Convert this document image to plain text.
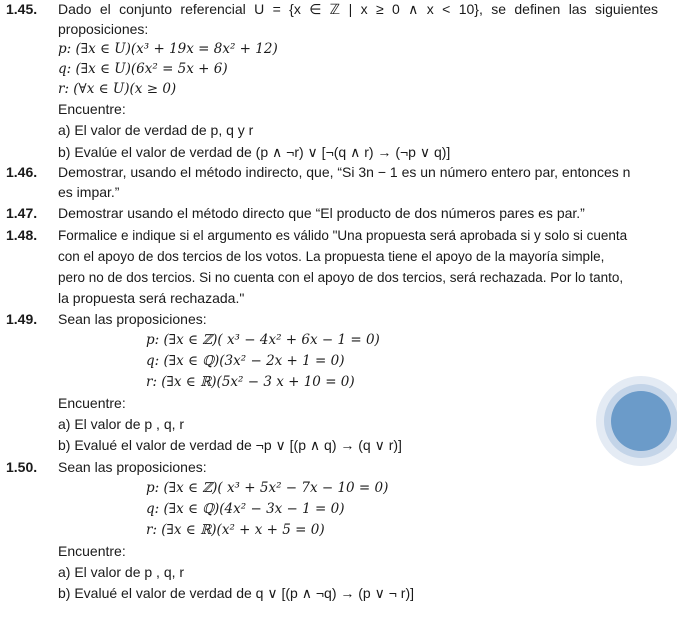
1.45. Dado el conjunto referencial U = {x ∈ ℤ | x ≥ 0 ∧ x < 10}, se definen las siguientes
proposiciones:
p: (∃x ∈ U)(x³ + 19x = 8x² + 12)
q: (∃x ∈ U)(6x² = 5x + 6)
r: (∀x ∈ U)(x ≥ 0)
Encuentre:
a) El valor de verdad de p, q y r
b) Evalúe el valor de verdad de (p ∧ ¬r) ∨ [¬(q ∧ r) → (¬p ∨ q)]
1.46. Demostrar, usando el método indirecto, que, “Si 3n − 1 es un número entero par, entonces n
es impar.”
1.47. Demostrar usando el método directo que “El producto de dos números pares es par.”
1.48. Formalice e indique si el argumento es válido "Una propuesta será aprobada si y solo si cuenta
con el apoyo de dos tercios de los votos. La propuesta tiene el apoyo de la mayoría simple,
pero no de dos tercios. Si no cuenta con el apoyo de dos tercios, será rechazada. Por lo tanto,
la propuesta será rechazada."
1.49. Sean las proposiciones:
p: (∃x ∈ ℤ)( x³ − 4x² + 6x − 1 = 0)
q: (∃x ∈ ℚ)(3x² − 2x + 1 = 0)
r: (∃x ∈ ℝ)(5x² − 3 x + 10 = 0)
Encuentre:
a) El valor de p , q, r
b) Evalué el valor de verdad de ¬p ∨ [(p ∧ q) → (q ∨ r)]
1.50. Sean las proposiciones:
p: (∃x ∈ ℤ)( x³ + 5x² − 7x − 10 = 0)
q: (∃x ∈ ℚ)(4x² − 3x − 1 = 0)
r: (∃x ∈ ℝ)(x² + x + 5 = 0)
Encuentre:
a) El valor de p , q, r
b) Evalué el valor de verdad de q ∨ [(p ∧ ¬q) → (p ∨ ¬ r)]
